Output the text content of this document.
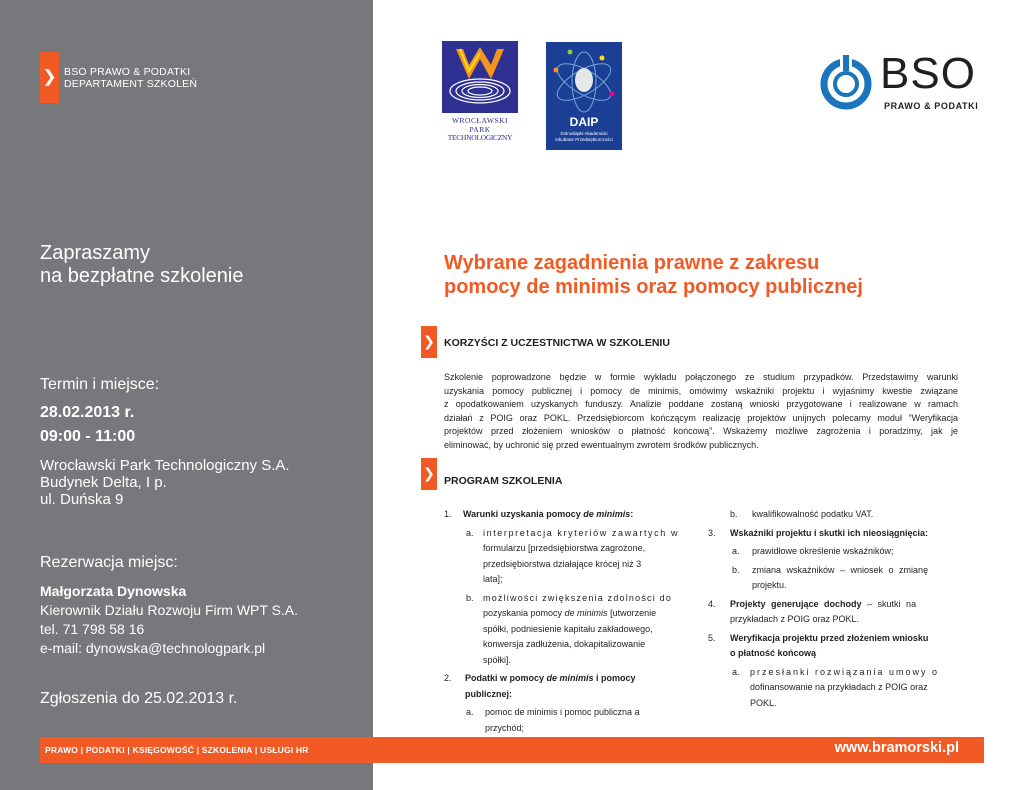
❯ BSO PRAWO & PODATKI
DEPARTAMENT SZKOLEŃ
Zapraszamy
na bezpłatne szkolenie
Termin i miejsce:
28.02.2013 r.
09:00 - 11:00
Wrocławski Park Technologiczny S.A.
Budynek Delta, I p.
ul. Duńska 9
Rezerwacja miejsc:
Małgorzata Dynowska
Kierownik Działu Rozwoju Firm WPT S.A.
tel. 71 798 58 16
e-mail: dynowska@technologpark.pl
Zgłoszenia do 25.02.2013 r.
WROCŁAWSKI
PARK
TECHNOLOGICZNY
DAIP
Dolnośląski Akademicki
Inkubator Przedsiębiorczości
BSO
PRAWO & PODATKI
Wybrane zagadnienia prawne z zakresu
pomocy de minimis oraz pomocy publicznej
❯ KORZYŚCI Z UCZESTNICTWA W SZKOLENIU
Szkolenie poprowadzone będzie w formie wykładu połączonego ze studium przypadków. Przedstawimy warunki
uzyskania pomocy publicznej i pomocy de minimis, omówimy wskaźniki projektu i wyjaśnimy kwestie związane
z opodatkowaniem uzyskanych funduszy. Analizie poddane zostaną wnioski przygotowane i realizowane w ramach
działań z POIG oraz POKL. Przedsiębiorcom kończącym realizację projektów unijnych polecamy moduł ”Weryfikacja
projektów przed złożeniem wniosków o płatność końcową”. Wskażemy możliwe zagrożenia i poradzimy, jak je
eliminować, by uchronić się przed ewentualnym zwrotem środków publicznych.
❯ PROGRAM SZKOLENIA
1.	Warunki uzyskania pomocy de minimis:
a. interpretacja kryteriów zawartych w
formularzu [przedsiębiorstwa zagrożone,
przedsiębiorstwa działające krócej niż 3
lata];
b. możliwości zwiększenia zdolności do
pozyskania pomocy de minimis [utworzenie
spółki, podniesienie kapitału zakładowego,
konwersja zadłużenia, dokapitalizowanie
spółki].
2. Podatki w pomocy de minimis i pomocy
publicznej:
a. pomoc de minimis i pomoc publiczna a
przychód;
b.	kwalifikowalność podatku VAT.
3.	Wskaźniki projektu i skutki ich nieosiągnięcia:
a.	prawidłowe określenie wskaźników;
b. zmiana wskaźników – wniosek o zmianę
projektu.
4. Projekty generujące dochody – skutki na
przykładach z POIG oraz POKL.
5. Weryfikacja projektu przed złożeniem wniosku
o płatność końcową
a. przesłanki rozwiązania umowy o
dofinansowanie na przykładach z POIG oraz
POKL.
PRAWO | PODATKI | KSIĘGOWOŚĆ | SZKOLENIA | USŁUGI HR	www.bramorski.pl
